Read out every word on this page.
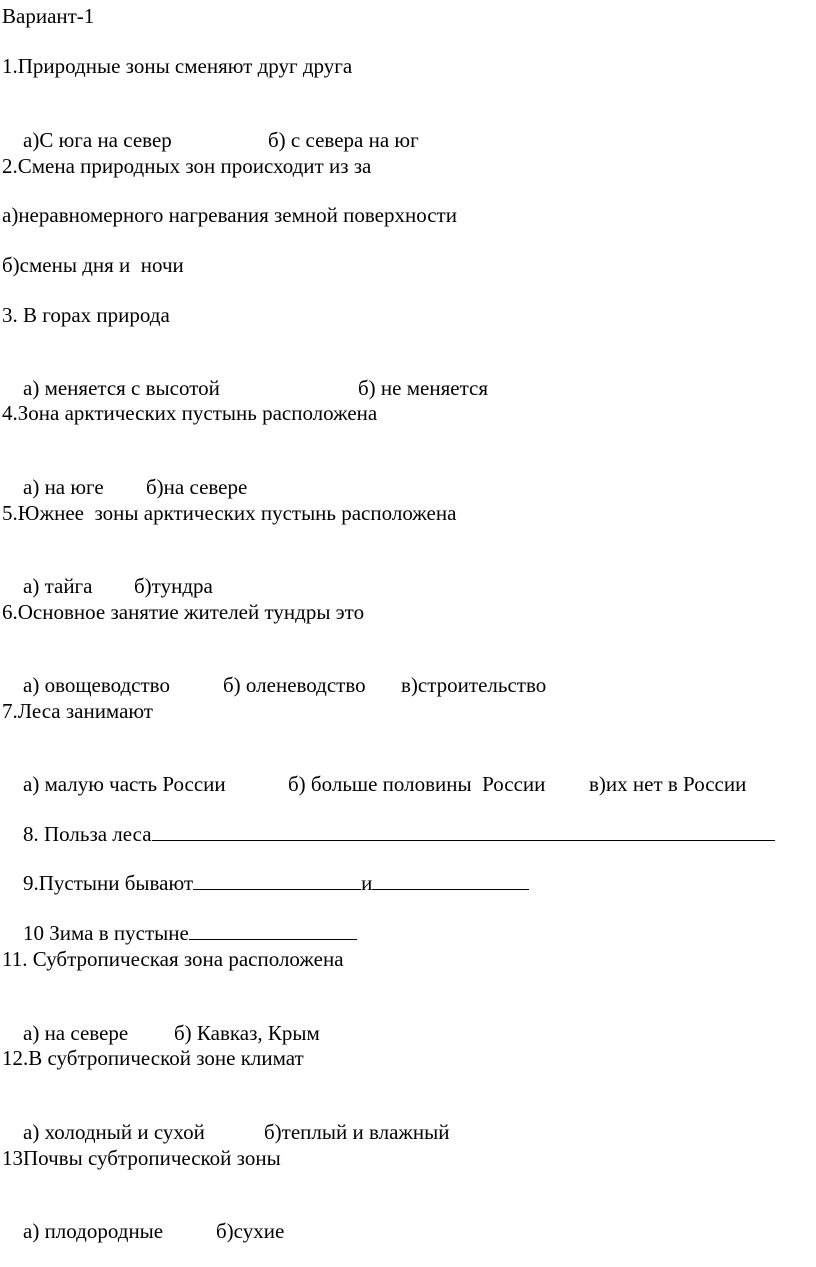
Вариант-1
1.Природные зоны сменяют друг друга

а)С юга на север	б) с севера на юг

2.Смена природных зон происходит из за
а)неравномерного нагревания земной поверхности
б)смены дня и  ночи
3. В горах природа

а) меняется с высотой	б) не меняется

4.Зона арктических пустынь расположена

а) на юге б)на севере

5.Южнее  зоны арктических пустынь расположена

а) тайга б)тундра

6.Основное занятие жителей тундры это

а) овощеводство	б) оленеводство в)строительство

7.Леса занимают

а) малую часть России	б) больше половины  России в)их нет в России

8. Польза леса

9.Пустыни бывают	и

10 Зима в пустыне

11. Субтропическая зона расположена

а) на севере б) Кавказ, Крым

12.В субтропической зоне климат

а) холодный и сухой	б)теплый и влажный

13Почвы субтропической зоны

а) плодородные	б)сухие
